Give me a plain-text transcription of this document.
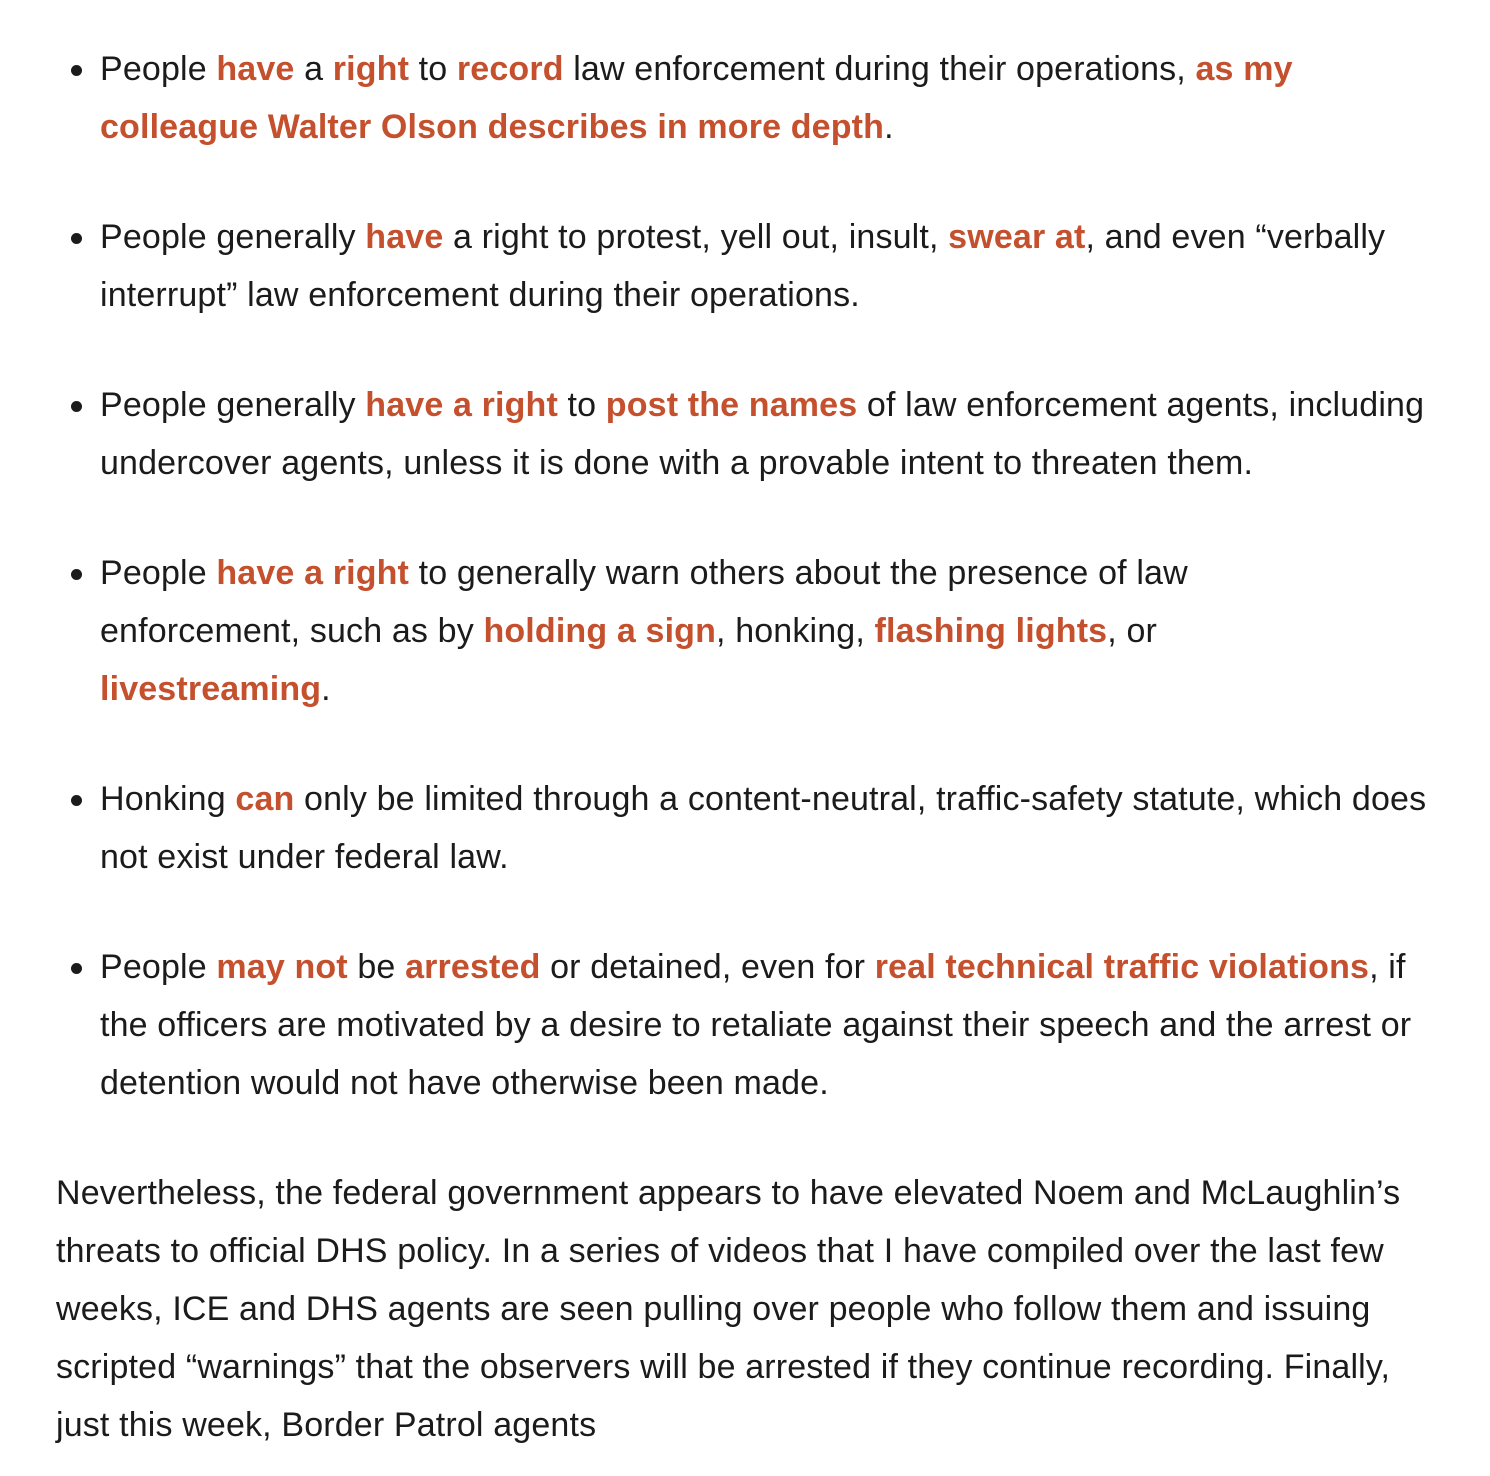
People have a right to record law enforcement during their operations, as my colleague Walter Olson describes in more depth.
People generally have a right to protest, yell out, insult, swear at, and even “verbally interrupt” law enforcement during their operations.
People generally have a right to post the names of law enforcement agents, including undercover agents, unless it is done with a provable intent to threaten them.
People have a right to generally warn others about the presence of law enforcement, such as by holding a sign, honking, flashing lights, or livestreaming.
Honking can only be limited through a content-neutral, traffic-safety statute, which does not exist under federal law.
People may not be arrested or detained, even for real technical traffic violations, if the officers are motivated by a desire to retaliate against their speech and the arrest or detention would not have otherwise been made.

Nevertheless, the federal government appears to have elevated Noem and McLaughlin’s threats to official DHS policy. In a series of videos that I have compiled over the last few weeks, ICE and DHS agents are seen pulling over people who follow them and issuing scripted “warnings” that the observers will be arrested if they continue recording. Finally, just this week, Border Patrol agents
